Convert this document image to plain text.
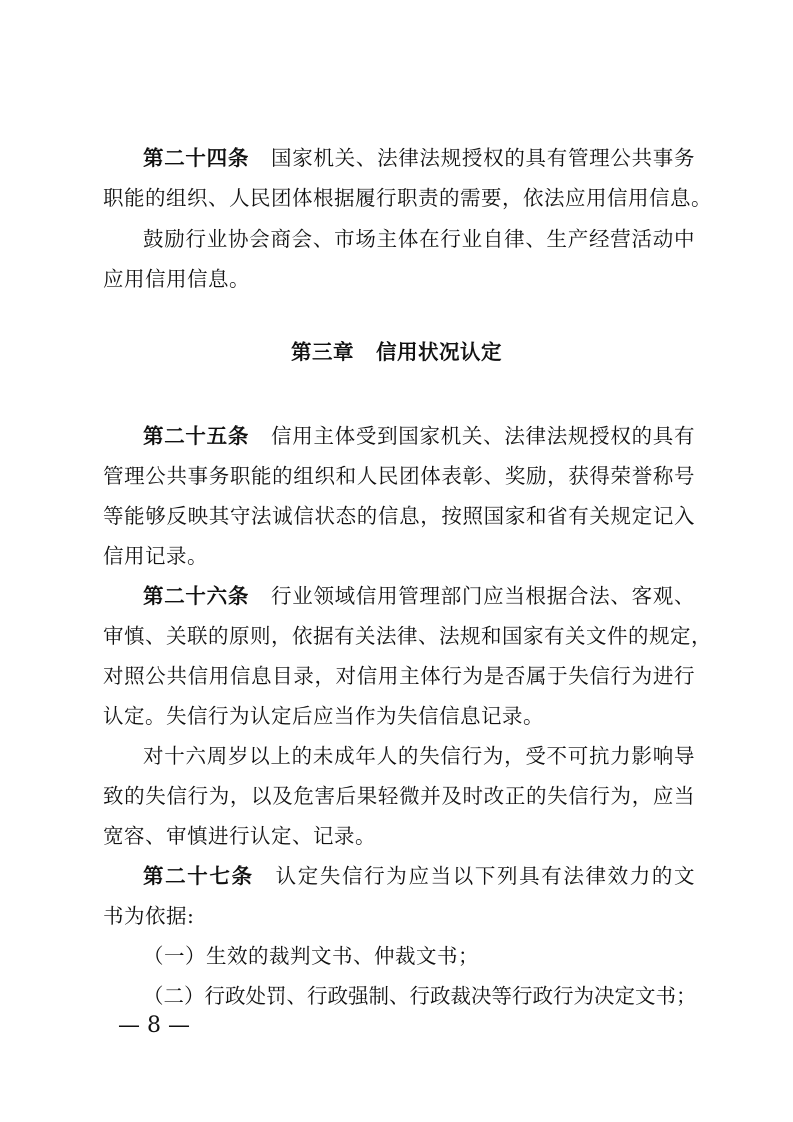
第二十四条 国家机关、法律法规授权的具有管理公共事务
职能的组织、人民团体根据履行职责的需要，依法应用信用信息。
鼓励行业协会商会、市场主体在行业自律、生产经营活动中
应用信用信息。
第三章 信用状况认定
第二十五条 信用主体受到国家机关、法律法规授权的具有
管理公共事务职能的组织和人民团体表彰、奖励，获得荣誉称号
等能够反映其守法诚信状态的信息，按照国家和省有关规定记入
信用记录。
第二十六条 行业领域信用管理部门应当根据合法、客观、
审慎、关联的原则，依据有关法律、法规和国家有关文件的规定，
对照公共信用信息目录，对信用主体行为是否属于失信行为进行
认定。失信行为认定后应当作为失信信息记录。
对十六周岁以上的未成年人的失信行为，受不可抗力影响导
致的失信行为，以及危害后果轻微并及时改正的失信行为，应当
宽容、审慎进行认定、记录。
第二十七条 认定失信行为应当以下列具有法律效力的文
书为依据:
（一）生效的裁判文书、仲裁文书；
（二）行政处罚、行政强制、行政裁决等行政行为决定文书；
— 8 —
